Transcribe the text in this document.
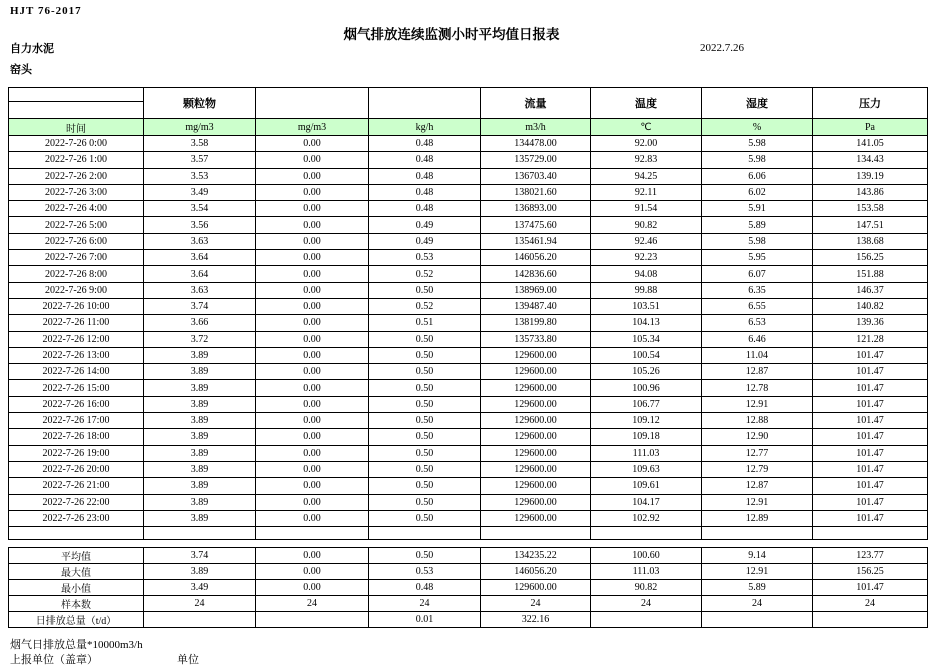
HJT 76-2017
烟气排放连续监测小时平均值日报表
自力水泥	2022.7.26
窑头
	颗粒物			流量	温度	湿度	压力
时间	mg/m3	mg/m3	kg/h	m3/h	℃	%	Pa
2022-7-26 0:00	3.58	0.00	0.48	134478.00	92.00	5.98	141.05
2022-7-26 1:00	3.57	0.00	0.48	135729.00	92.83	5.98	134.43
2022-7-26 2:00	3.53	0.00	0.48	136703.40	94.25	6.06	139.19
2022-7-26 3:00	3.49	0.00	0.48	138021.60	92.11	6.02	143.86
2022-7-26 4:00	3.54	0.00	0.48	136893.00	91.54	5.91	153.58
2022-7-26 5:00	3.56	0.00	0.49	137475.60	90.82	5.89	147.51
2022-7-26 6:00	3.63	0.00	0.49	135461.94	92.46	5.98	138.68
2022-7-26 7:00	3.64	0.00	0.53	146056.20	92.23	5.95	156.25
2022-7-26 8:00	3.64	0.00	0.52	142836.60	94.08	6.07	151.88
2022-7-26 9:00	3.63	0.00	0.50	138969.00	99.88	6.35	146.37
2022-7-26 10:00	3.74	0.00	0.52	139487.40	103.51	6.55	140.82
2022-7-26 11:00	3.66	0.00	0.51	138199.80	104.13	6.53	139.36
2022-7-26 12:00	3.72	0.00	0.50	135733.80	105.34	6.46	121.28
2022-7-26 13:00	3.89	0.00	0.50	129600.00	100.54	11.04	101.47
2022-7-26 14:00	3.89	0.00	0.50	129600.00	105.26	12.87	101.47
2022-7-26 15:00	3.89	0.00	0.50	129600.00	100.96	12.78	101.47
2022-7-26 16:00	3.89	0.00	0.50	129600.00	106.77	12.91	101.47
2022-7-26 17:00	3.89	0.00	0.50	129600.00	109.12	12.88	101.47
2022-7-26 18:00	3.89	0.00	0.50	129600.00	109.18	12.90	101.47
2022-7-26 19:00	3.89	0.00	0.50	129600.00	111.03	12.77	101.47
2022-7-26 20:00	3.89	0.00	0.50	129600.00	109.63	12.79	101.47
2022-7-26 21:00	3.89	0.00	0.50	129600.00	109.61	12.87	101.47
2022-7-26 22:00	3.89	0.00	0.50	129600.00	104.17	12.91	101.47
2022-7-26 23:00	3.89	0.00	0.50	129600.00	102.92	12.89	101.47

平均值	3.74	0.00	0.50	134235.22	100.60	9.14	123.77
最大值	3.89	0.00	0.53	146056.20	111.03	12.91	156.25
最小值	3.49	0.00	0.48	129600.00	90.82	5.89	101.47
样本数	24	24	24	24	24	24	24
日排放总量（t/d）			0.01	322.16			
烟气日排放总量*10000m3/h
上报单位（盖章）	单位
